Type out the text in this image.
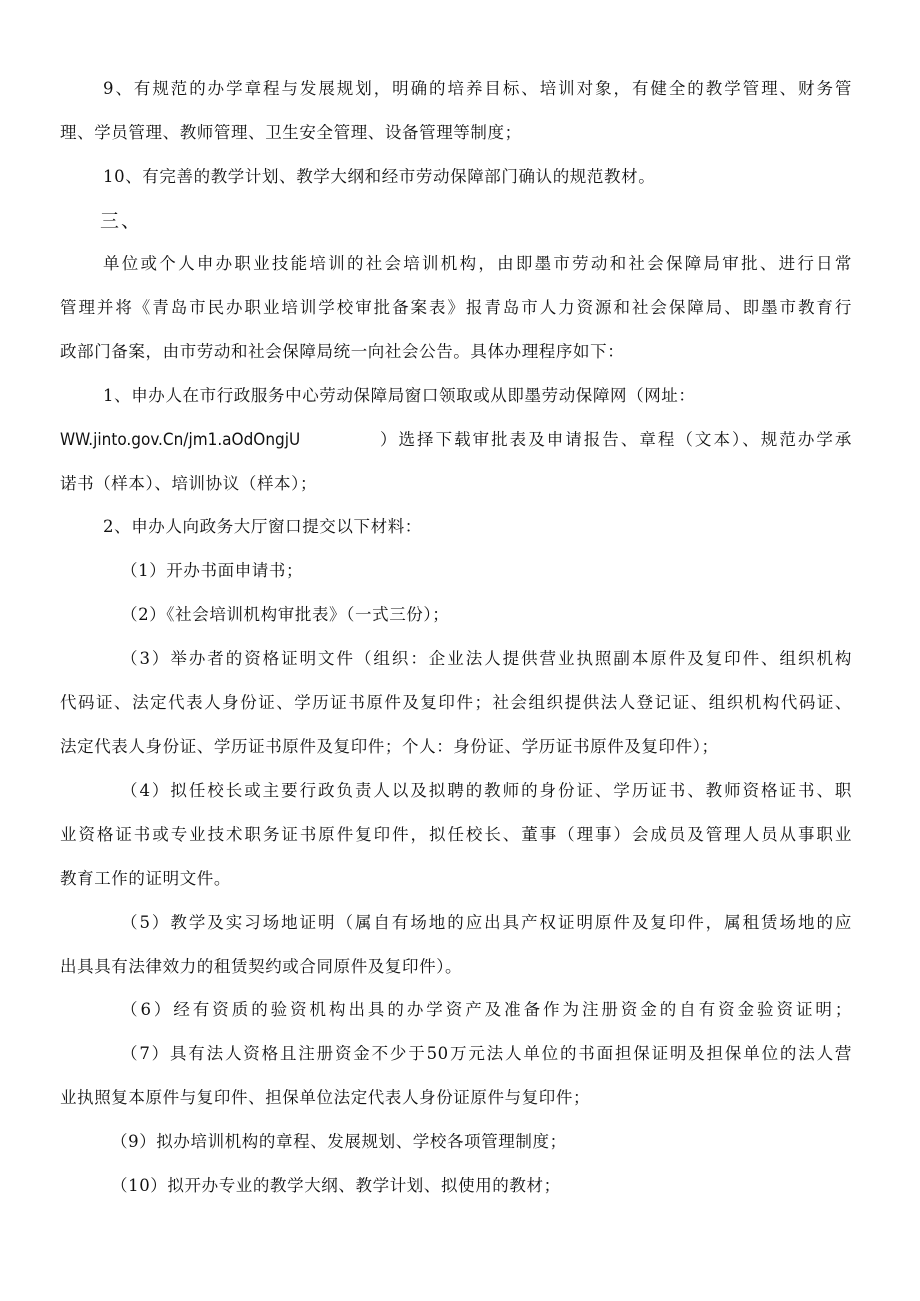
9、有规范的办学章程与发展规划，明确的培养目标、培训对象，有健全的教学管理、财务管
理、学员管理、教师管理、卫生安全管理、设备管理等制度；
10、有完善的教学计划、教学大纲和经市劳动保障部门确认的规范教材。
三、
单位或个人申办职业技能培训的社会培训机构，由即墨市劳动和社会保障局审批、进行日常
管理并将《青岛市民办职业培训学校审批备案表》报青岛市人力资源和社会保障局、即墨市教育行
政部门备案，由市劳动和社会保障局统一向社会公告。具体办理程序如下：
1、申办人在市行政服务中心劳动保障局窗口领取或从即墨劳动保障网（网址：
）选择下载审批表及申请报告、章程（文本）、规范办学承
诺书（样本）、培训协议（样本）；
2、申办人向政务大厅窗口提交以下材料：
（1）开办书面申请书；
（2）《社会培训机构审批表》（一式三份）；
（3）举办者的资格证明文件（组织：企业法人提供营业执照副本原件及复印件、组织机构
代码证、法定代表人身份证、学历证书原件及复印件；社会组织提供法人登记证、组织机构代码证、
法定代表人身份证、学历证书原件及复印件；个人：身份证、学历证书原件及复印件）；
（4）拟任校长或主要行政负责人以及拟聘的教师的身份证、学历证书、教师资格证书、职
业资格证书或专业技术职务证书原件复印件，拟任校长、董事（理事）会成员及管理人员从事职业
教育工作的证明文件。
（5）教学及实习场地证明（属自有场地的应出具产权证明原件及复印件，属租赁场地的应
出具具有法律效力的租赁契约或合同原件及复印件）。
（6）经有资质的验资机构出具的办学资产及准备作为注册资金的自有资金验资证明；
（7）具有法人资格且注册资金不少于50万元法人单位的书面担保证明及担保单位的法人营
业执照复本原件与复印件、担保单位法定代表人身份证原件与复印件；
（9）拟办培训机构的章程、发展规划、学校各项管理制度；
（10）拟开办专业的教学大纲、教学计划、拟使用的教材；
WW.jinto.gov.Cn/jm1.aOdOngjU
